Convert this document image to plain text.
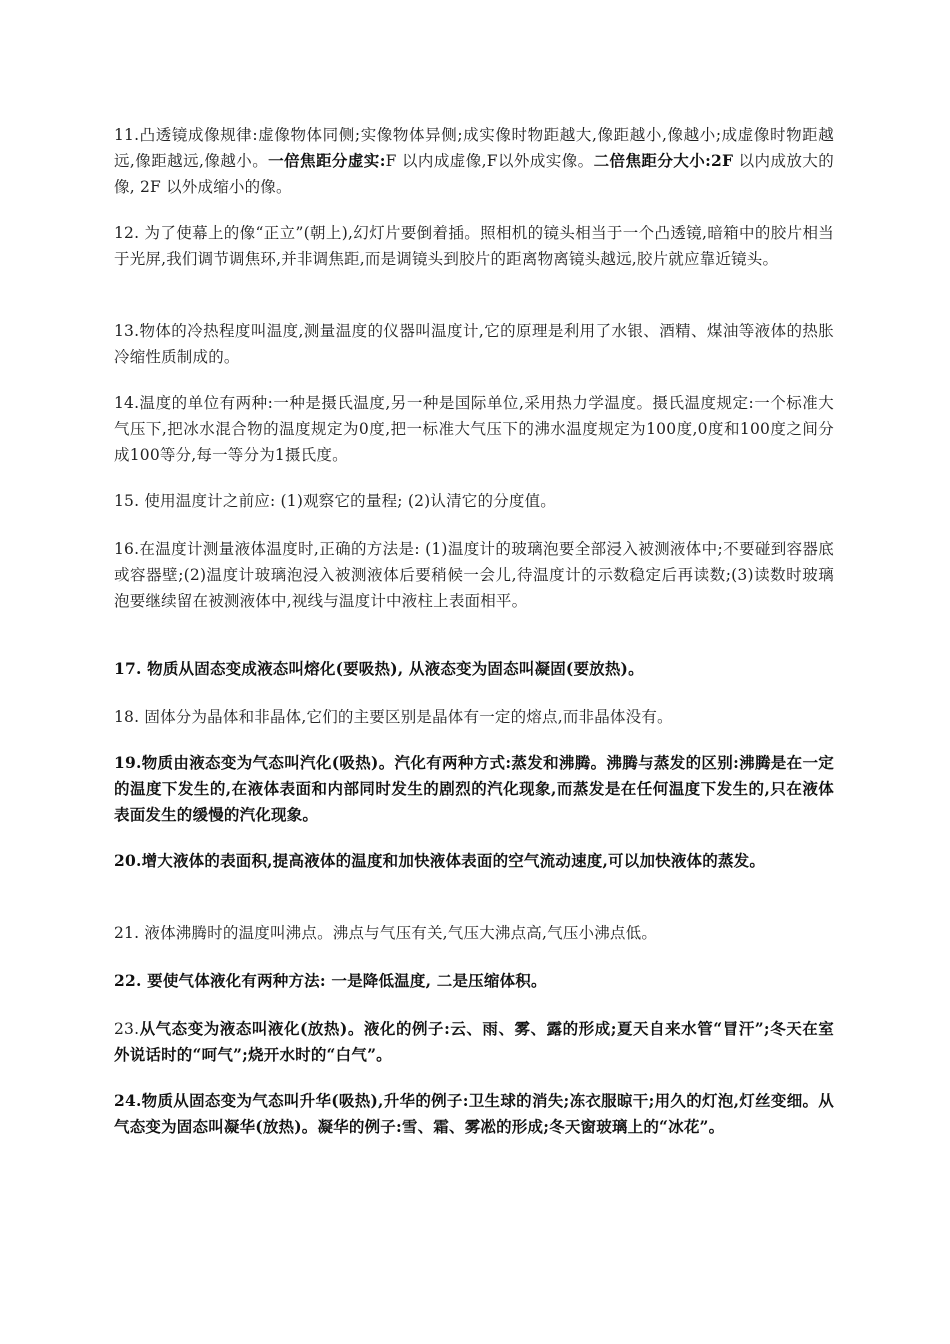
11.凸透镜成像规律:虚像物体同侧;实像物体异侧;成实像时物距越大,像距越小,像越小;成虚像时物距越远,像距越远,像越小。一倍焦距分虚实:F 以内成虚像,F以外成实像。二倍焦距分大小:2F 以内成放大的像, 2F 以外成缩小的像。

12. 为了使幕上的像“正立”(朝上),幻灯片要倒着插。照相机的镜头相当于一个凸透镜,暗箱中的胶片相当于光屏,我们调节调焦环,并非调焦距,而是调镜头到胶片的距离物离镜头越远,胶片就应靠近镜头。

13.物体的冷热程度叫温度,测量温度的仪器叫温度计,它的原理是利用了水银、酒精、煤油等液体的热胀冷缩性质制成的。

14.温度的单位有两种:一种是摄氏温度,另一种是国际单位,采用热力学温度。摄氏温度规定:一个标准大气压下,把冰水混合物的温度规定为0度,把一标准大气压下的沸水温度规定为100度,0度和100度之间分成100等分,每一等分为1摄氏度。

15. 使用温度计之前应: (1)观察它的量程; (2)认清它的分度值。

16.在温度计测量液体温度时,正确的方法是: (1)温度计的玻璃泡要全部浸入被测液体中;不要碰到容器底或容器壁;(2)温度计玻璃泡浸入被测液体后要稍候一会儿,待温度计的示数稳定后再读数;(3)读数时玻璃泡要继续留在被测液体中,视线与温度计中液柱上表面相平。

17. 物质从固态变成液态叫熔化(要吸热), 从液态变为固态叫凝固(要放热)。

18. 固体分为晶体和非晶体,它们的主要区别是晶体有一定的熔点,而非晶体没有。

19.物质由液态变为气态叫汽化(吸热)。汽化有两种方式:蒸发和沸腾。沸腾与蒸发的区别:沸腾是在一定的温度下发生的,在液体表面和内部同时发生的剧烈的汽化现象,而蒸发是在任何温度下发生的,只在液体表面发生的缓慢的汽化现象。

20.增大液体的表面积,提高液体的温度和加快液体表面的空气流动速度,可以加快液体的蒸发。

21. 液体沸腾时的温度叫沸点。沸点与气压有关,气压大沸点高,气压小沸点低。

22. 要使气体液化有两种方法: 一是降低温度, 二是压缩体积。

23.从气态变为液态叫液化(放热)。液化的例子:云、雨、雾、露的形成;夏天自来水管“冒汗”;冬天在室外说话时的“呵气”;烧开水时的“白气”。

24.物质从固态变为气态叫升华(吸热),升华的例子:卫生球的消失;冻衣服晾干;用久的灯泡,灯丝变细。从气态变为固态叫凝华(放热)。凝华的例子:雪、霜、雾凇的形成;冬天窗玻璃上的“冰花”。
